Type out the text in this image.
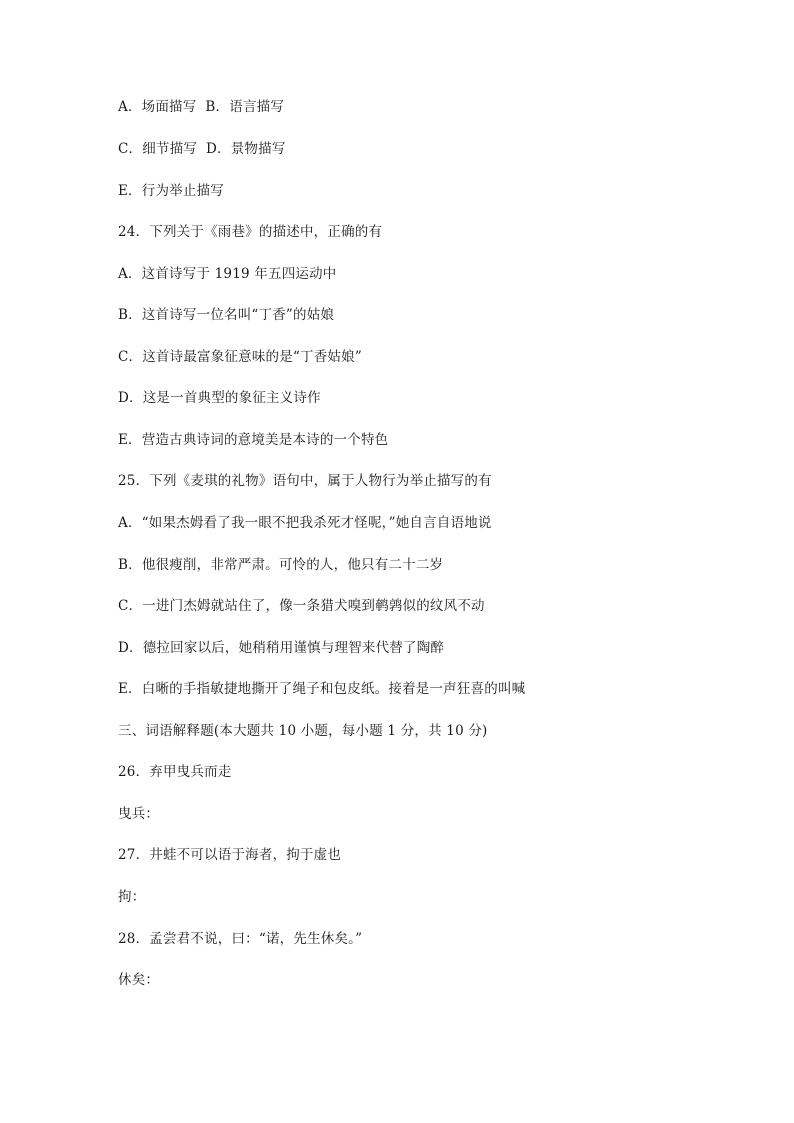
A．场面描写  B．语言描写
C．细节描写  D．景物描写
E．行为举止描写
24．下列关于《雨巷》的描述中，正确的有
A．这首诗写于 1919 年五四运动中
B．这首诗写一位名叫“丁香”的姑娘
C．这首诗最富象征意味的是“丁香姑娘”
D．这是一首典型的象征主义诗作
E．营造古典诗词的意境美是本诗的一个特色
25．下列《麦琪的礼物》语句中，属于人物行为举止描写的有
A．“如果杰姆看了我一眼不把我杀死才怪呢，”她自言自语地说
B．他很瘦削，非常严肃。可怜的人，他只有二十二岁
C．一进门杰姆就站住了，像一条猎犬嗅到鹌鹑似的纹风不动
D．德拉回家以后，她稍稍用谨慎与理智来代替了陶醉
E．白晰的手指敏捷地撕开了绳子和包皮纸。接着是一声狂喜的叫喊
三、词语解释题(本大题共 10 小题，每小题 1 分，共 10 分)
26．弃甲曳兵而走
曳兵：
27．井蛙不可以语于海者，拘于虚也
拘：
28．孟尝君不说，曰：“诺，先生休矣。”
休矣：
